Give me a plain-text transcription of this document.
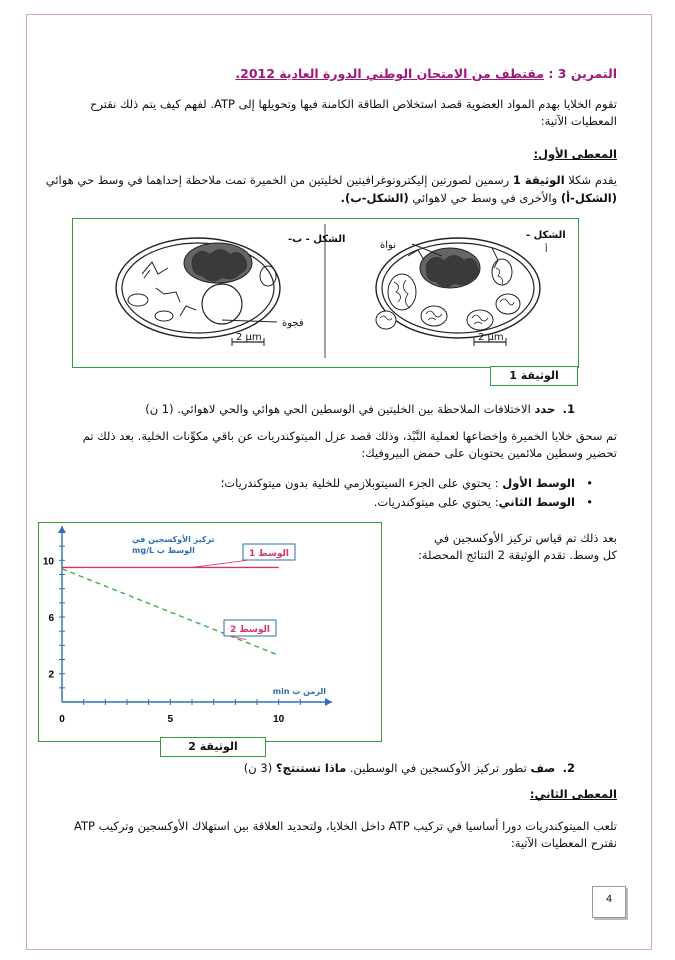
التمرين 3 : مقتطف من الامتحان الوطني الدورة العادية 2012.
تقوم الخلايا بهدم المواد العضوية قصد استخلاص الطاقة الكامنة فيها وتحويلها إلى ATP. لفهم كيف يتم ذلك نقترح
المعطيات الآتية:
المعطى الأول:
يقدم شكلا الوثيقة 1 رسمين لصورتين إليكترونوغرافيتين لخليتين من الخميرة تمت ملاحظة إحداهما في وسط حي هوائي
(الشكل-أ) والأخرى في وسط حي لاهوائي (الشكل-ب).
الشكل - ب-	الشكل -
أ
نواة
فجوة
2 µm	2 µm
الوثيقة 1
1.  حدد الاختلافات الملاحظة بين الخليتين في الوسطين الحي هوائي والحي لاهوائي. (1 ن)
تم سحق خلايا الخميرة وإخضاعها لعملية النَّبْذ، وذلك قصد عزل الميتوكندريات عن باقي مكوِّنات الخلية. بعد ذلك تم
تحضير وسطين ملائمين يحتويان على حمض البيروفيك:
الوسط الأول : يحتوي على الجزء السيتوبلازمي للخلية بدون ميتوكندريات؛ •
الوسط الثاني: يحتوي على ميتوكندريات. •
بعد ذلك تم قياس تركيز الأوكسجين في
كل وسط. تقدم الوثيقة 2 النتائج المحصلة:
0	5	10
2
6
10
تركيز الأوكسجين في
الوسط ب mg/L
الزمن ب min
الوسط 1
الوسط 2
الوثيقة 2
2.  صف تطور تركيز الأوكسجين في الوسطين. ماذا تستنتج؟ (3 ن)
المعطى الثاني:
تلعب الميتوكندريات دورا أساسيا في تركيب ATP داخل الخلايا، ولتحديد العلاقة بين استهلاك الأوكسجين وتركيب ATP
نقترح المعطيات الآتية:
4
